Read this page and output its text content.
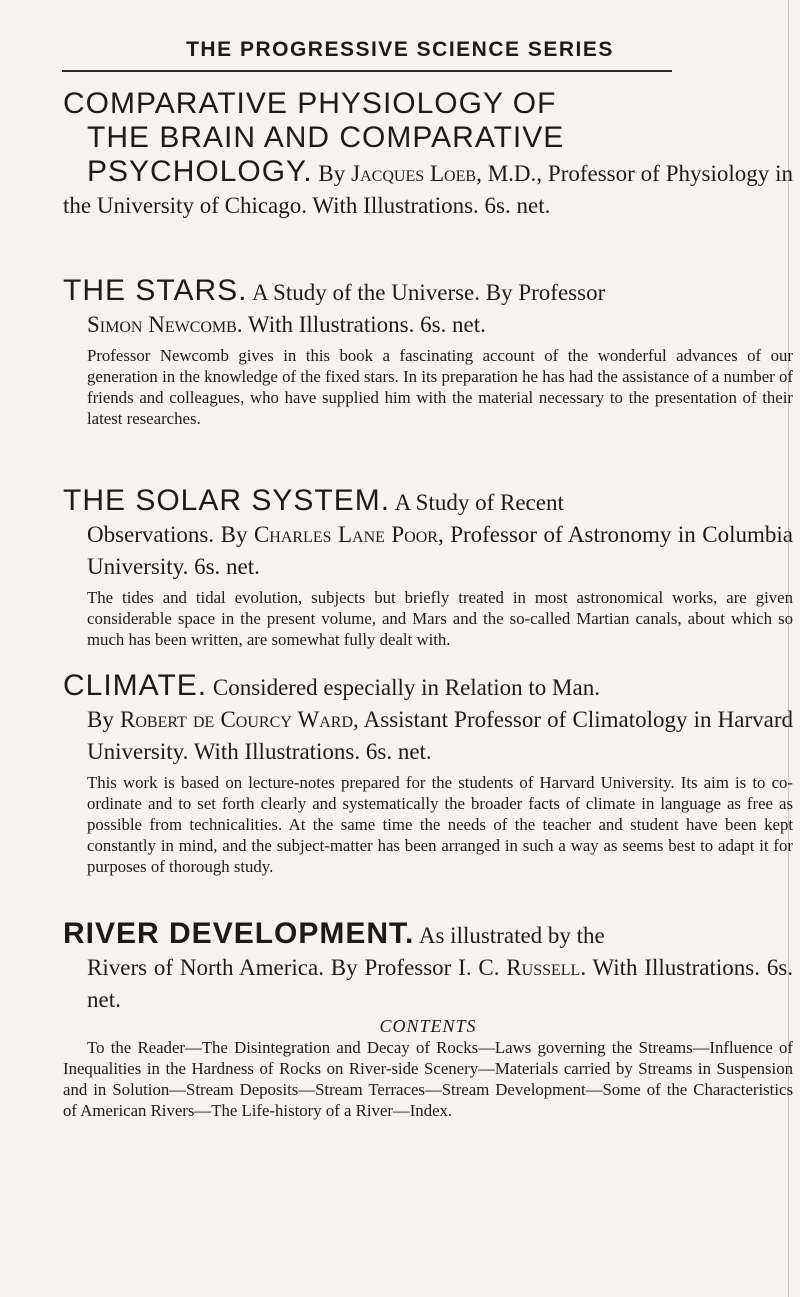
THE PROGRESSIVE SCIENCE SERIES
COMPARATIVE PHYSIOLOGY OF
THE BRAIN AND COMPARATIVE
PSYCHOLOGY. By Jacques Loeb, M.D., Professor of Physiology in the University of Chicago. With Illustrations. 6s. net.

THE STARS. A Study of the Universe. By Professor

Simon Newcomb. With Illustrations. 6s. net.

Professor Newcomb gives in this book a fascinating account of the wonderful advances of our generation in the knowledge of the fixed stars. In its preparation he has had the assistance of a number of friends and colleagues, who have supplied him with the material necessary to the presentation of their latest researches.

THE SOLAR SYSTEM. A Study of Recent

Observations. By Charles Lane Poor, Professor of Astronomy in Columbia University. 6s. net.

The tides and tidal evolution, subjects but briefly treated in most astronomical works, are given considerable space in the present volume, and Mars and the so-called Martian canals, about which so much has been written, are somewhat fully dealt with.

CLIMATE. Considered especially in Relation to Man.

By Robert de Courcy Ward, Assistant Professor of Climatology in Harvard University. With Illustrations. 6s. net.

This work is based on lecture-notes prepared for the students of Harvard University. Its aim is to co-ordinate and to set forth clearly and systematically the broader facts of climate in language as free as possible from technicalities. At the same time the needs of the teacher and student have been kept constantly in mind, and the subject-matter has been arranged in such a way as seems best to adapt it for purposes of thorough study.

RIVER DEVELOPMENT. As illustrated by the

Rivers of North America. By Professor I. C. Russell. With Illustrations. 6s. net.

CONTENTS

To the Reader—The Disintegration and Decay of Rocks—Laws governing the Streams—Influence of Inequalities in the Hardness of Rocks on River-side Scenery—Materials carried by Streams in Suspension and in Solution—Stream Deposits—Stream Terraces—Stream Development—Some of the Characteristics of American Rivers—The Life-history of a River—Index.
